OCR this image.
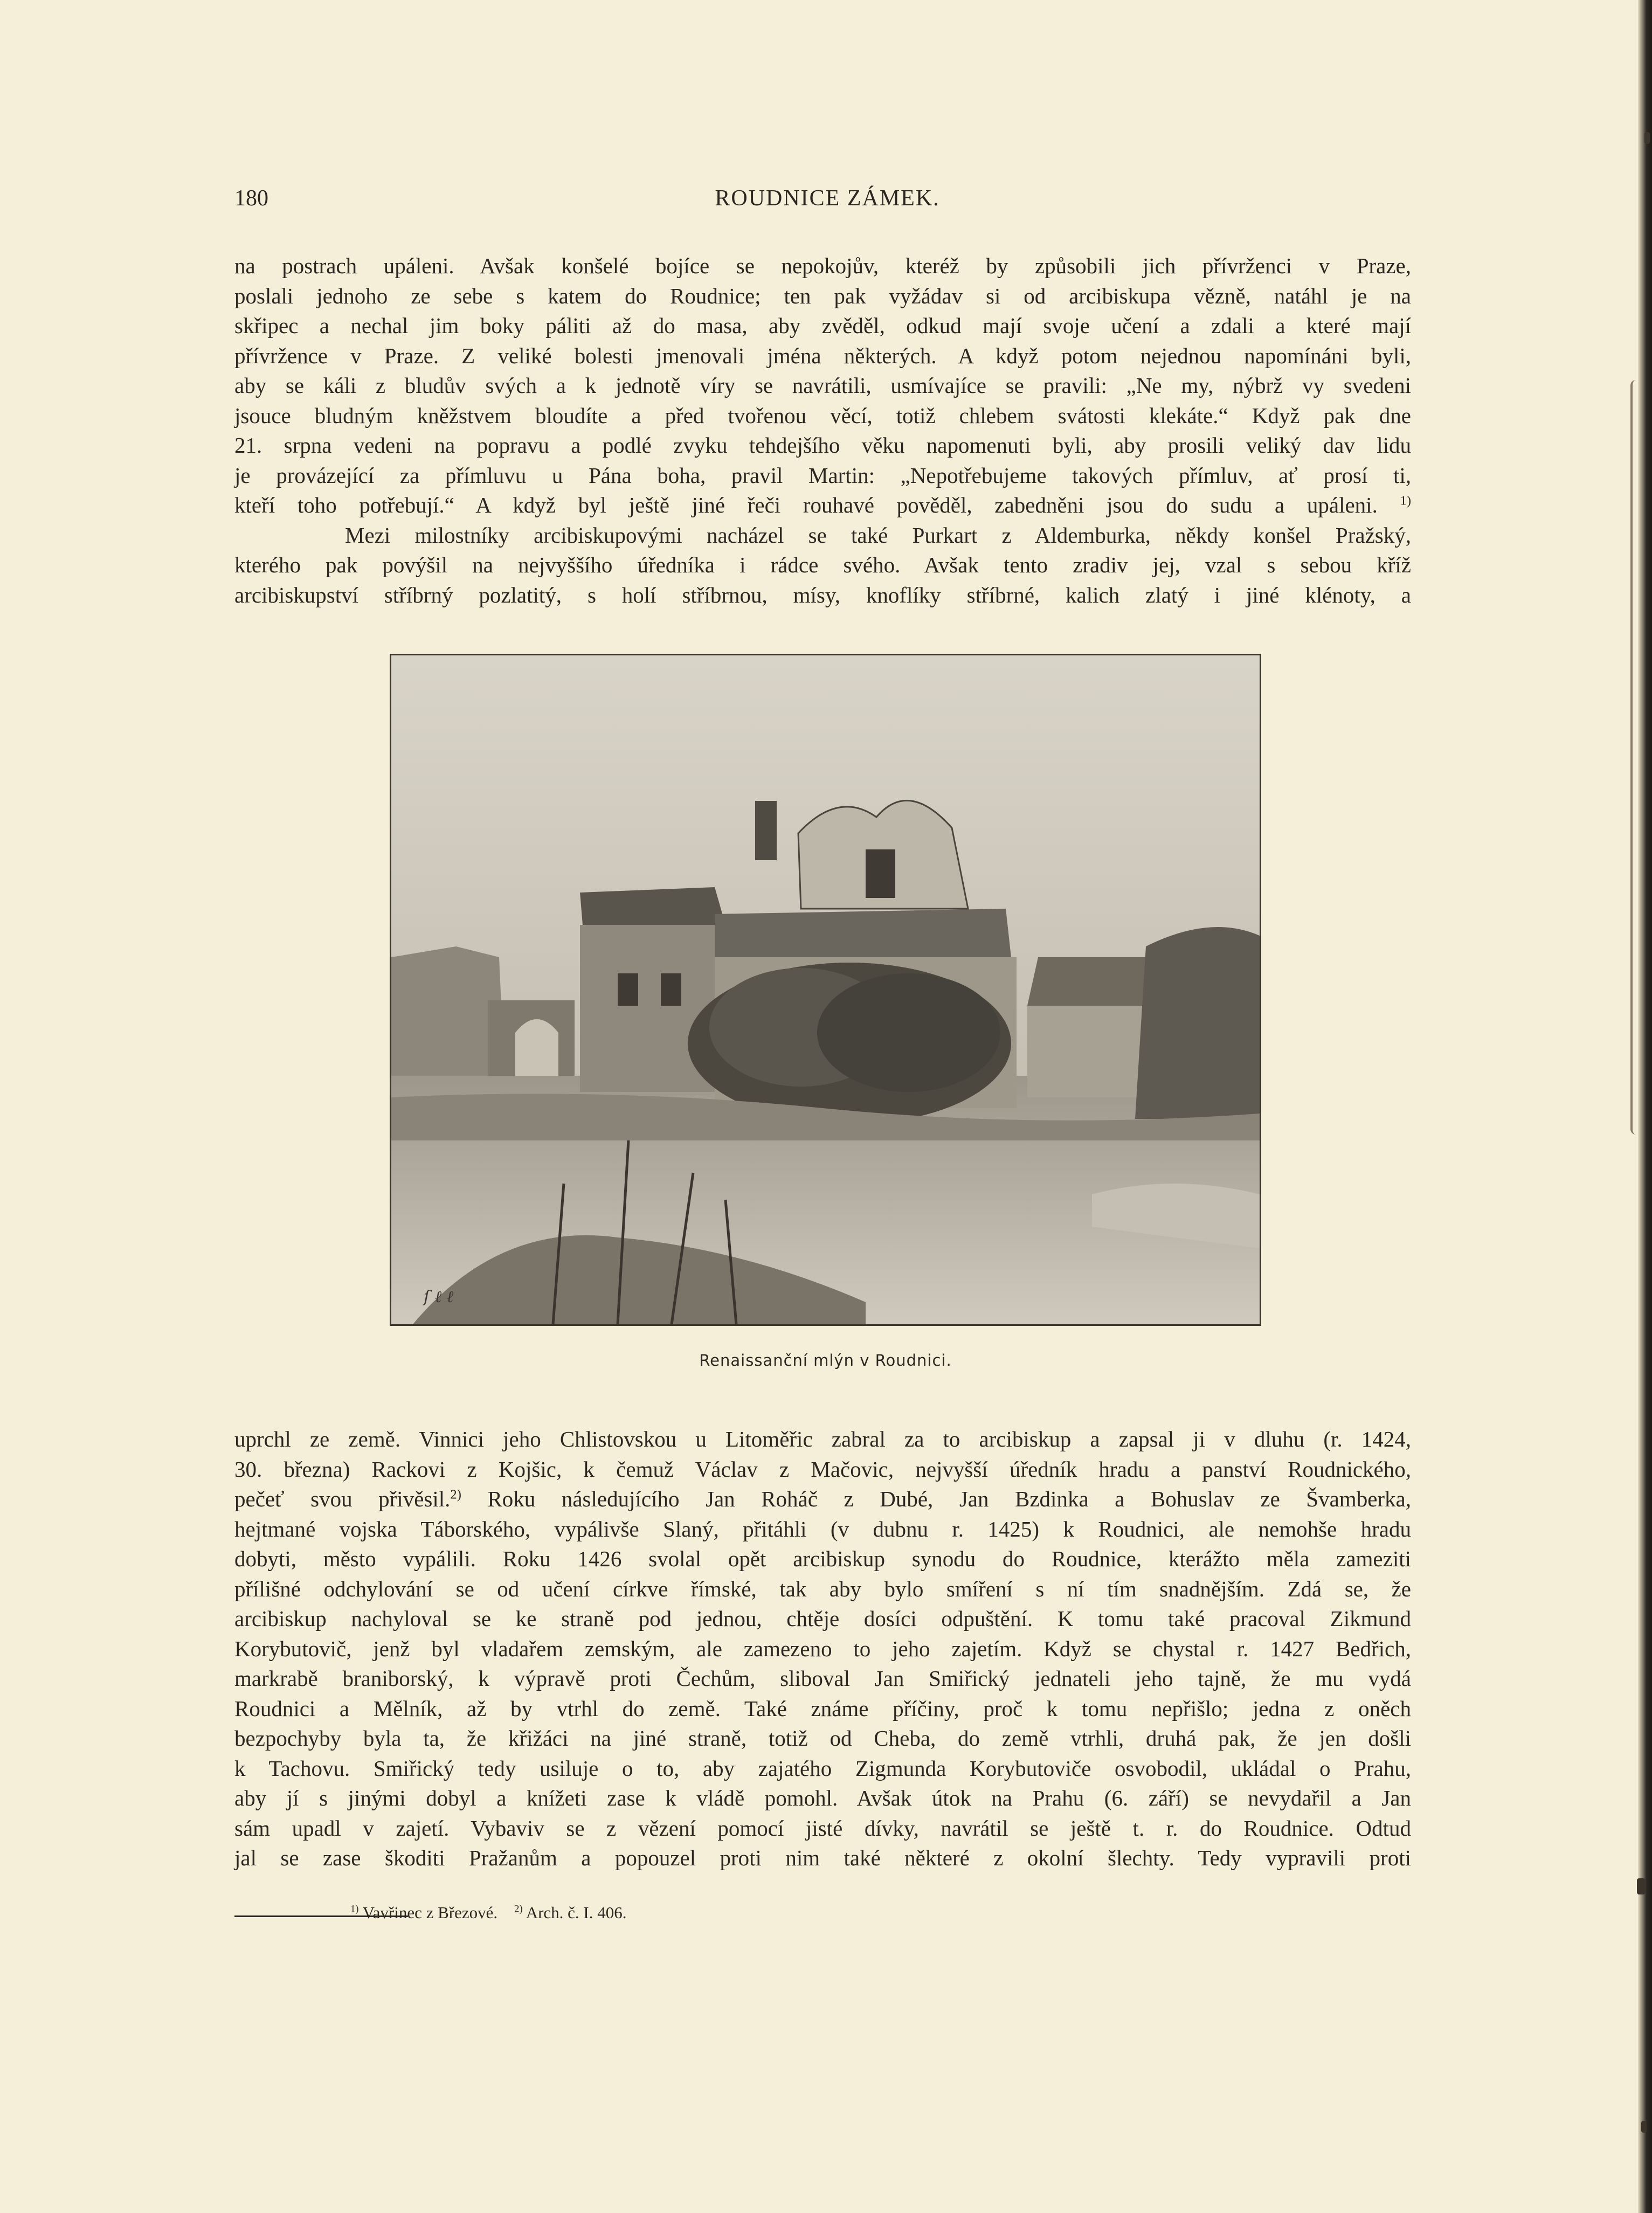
180	ROUDNICE ZÁMEK.
na postrach upáleni. Avšak konšelé bojíce se nepokojův, kteréž by způsobili jich přívrženci v Praze,
poslali jednoho ze sebe s katem do Roudnice; ten pak vyžádav si od arcibiskupa vězně, natáhl je na
skřipec a nechal jim boky páliti až do masa, aby zvěděl, odkud mají svoje učení a zdali a které mají
přívržence v Praze. Z veliké bolesti jmenovali jména některých. A když potom nejednou napomínáni byli,
aby se káli z bludův svých a k jednotě víry se navrátili, usmívajíce se pravili: „Ne my, nýbrž vy svedeni
jsouce bludným kněžstvem bloudíte a před tvořenou věcí, totiž chlebem svátosti klekáte.“ Když pak dne
21. srpna vedeni na popravu a podlé zvyku tehdejšího věku napomenuti byli, aby prosili veliký dav lidu
je provázející za přímluvu u Pána boha, pravil Martin: „Nepotřebujeme takových přímluv, ať prosí ti,
kteří toho potřebují.“ A když byl ještě jiné řeči rouhavé pověděl, zabedněni jsou do sudu a upáleni. $^{1)}$
Mezi milostníky arcibiskupovými nacházel se také Purkart z Aldemburka, někdy konšel Pražský,
kterého pak povýšil na nejvyššího úředníka i rádce svého. Avšak tento zradiv jej, vzal s sebou kříž
arcibiskupství stříbrný pozlatitý, s holí stříbrnou, mísy, knoflíky stříbrné, kalich zlatý i jiné klénoty, a
ſ ℓ ℓ
Renaissanční mlýn v Roudnici.
uprchl ze země. Vinnici jeho Chlistovskou u Litoměřic zabral za to arcibiskup a zapsal ji v dluhu (r. 1424,
30. března) Rackovi z Kojšic, k čemuž Václav z Mačovic, nejvyšší úředník hradu a panství Roudnického,
pečeť svou přivěsil.$^{2)}$ Roku následujícího Jan Roháč z Dubé, Jan Bzdinka a Bohuslav ze Švamberka,
hejtmané vojska Táborského, vypálivše Slaný, přitáhli (v dubnu r. 1425) k Roudnici, ale nemohše hradu
dobyti, město vypálili. Roku 1426 svolal opět arcibiskup synodu do Roudnice, kterážto měla zameziti
přílišné odchylování se od učení církve římské, tak aby bylo smíření s ní tím snadnějším. Zdá se, že
arcibiskup nachyloval se ke straně pod jednou, chtěje dosíci odpuštění. K tomu také pracoval Zikmund
Korybutovič, jenž byl vladařem zemským, ale zamezeno to jeho zajetím. Když se chystal r. 1427 Bedřich,
markrabě braniborský, k výpravě proti Čechům, sliboval Jan Smiřický jednateli jeho tajně, že mu vydá
Roudnici a Mělník, až by vtrhl do země. Také známe příčiny, proč k tomu nepřišlo; jedna z oněch
bezpochyby byla ta, že křižáci na jiné straně, totiž od Cheba, do země vtrhli, druhá pak, že jen došli
k Tachovu. Smiřický tedy usiluje o to, aby zajatého Zigmunda Korybutoviče osvobodil, ukládal o Prahu,
aby jí s jinými dobyl a knížeti zase k vládě pomohl. Avšak útok na Prahu (6. září) se nevydařil a Jan
sám upadl v zajetí. Vybaviv se z vězení pomocí jisté dívky, navrátil se ještě t. r. do Roudnice. Odtud
jal se zase škoditi Pražanům a popouzel proti nim také některé z okolní šlechty. Tedy vypravili proti
$^{1)}$ Vavřinec z Březové. $^{2)}$ Arch. č. I. 406.
